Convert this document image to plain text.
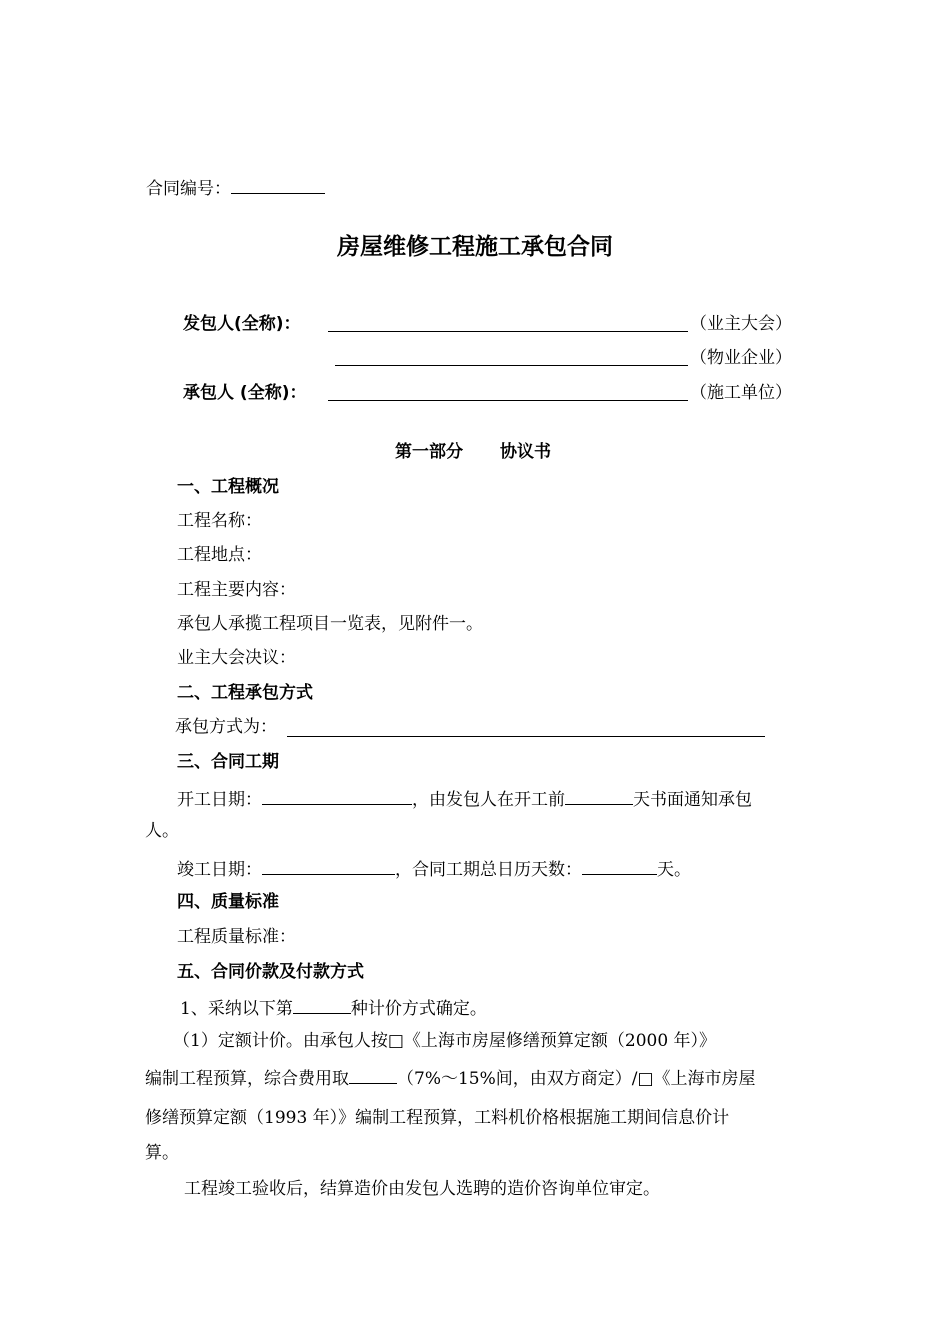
合同编号：
房屋维修工程施工承包合同
发包人(全称)：	（业主大会）
（物业企业）
承包人 (全称)：	（施工单位）
第一部分 协议书
一、工程概况
工程名称：
工程地点：
工程主要内容：
承包人承揽工程项目一览表，见附件一。
业主大会决议：
二、工程承包方式
承包方式为：
三、合同工期
开工日期：	，由发包人在开工前	天书面通知承包
人。
竣工日期：	，合同工期总日历天数：	天。
四、质量标准
工程质量标准：
五、合同价款及付款方式
1、采纳以下第	种计价方式确定。
（1）定额计价。由承包人按□《上海市房屋修缮预算定额（2000 年）》
编制工程预算，综合费用取	（7%～15%间，由双方商定）/□《上海市房屋
修缮预算定额（1993 年）》编制工程预算，工料机价格根据施工期间信息价计
算。
工程竣工验收后，结算造价由发包人选聘的造价咨询单位审定。
